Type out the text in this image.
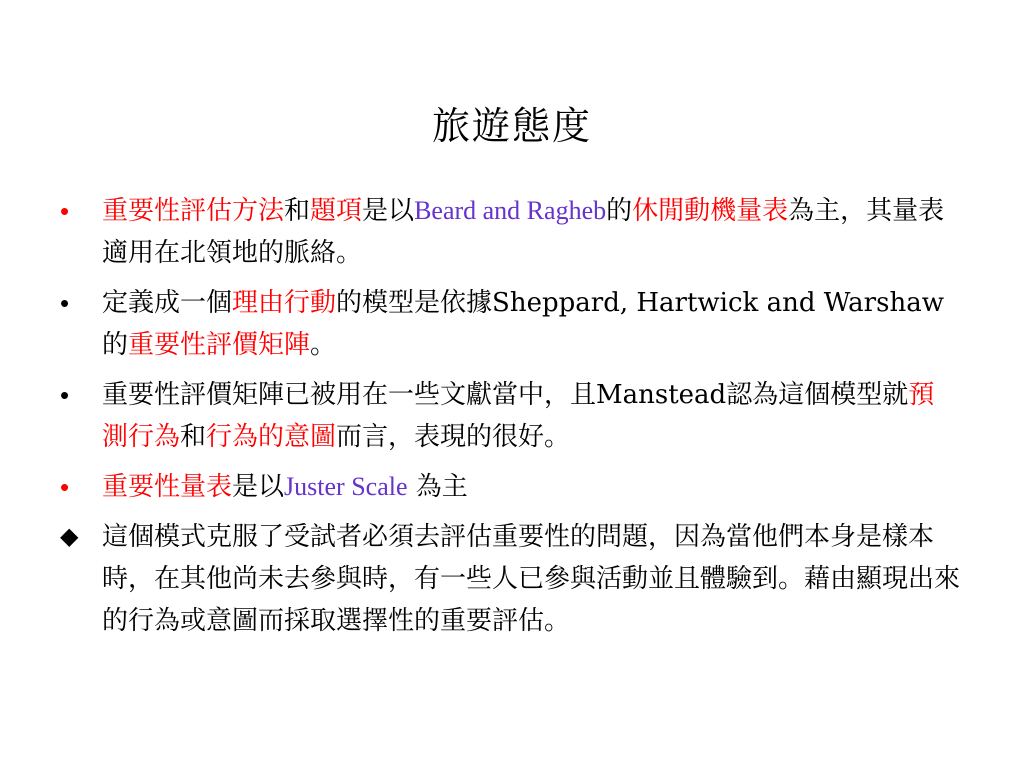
旅遊態度
•	重要性評估方法和題項是以Beard and Ragheb的休閒動機量表為主，其量表適用在北領地的脈絡。
•	定義成一個理由行動的模型是依據Sheppard, Hartwick and Warshaw 的重要性評價矩陣。
•	重要性評價矩陣已被用在一些文獻當中，且Manstead認為這個模型就預測行為和行為的意圖而言，表現的很好。
•	重要性量表是以Juster Scale 為主
◆ 這個模式克服了受試者必須去評估重要性的問題，因為當他們本身是樣本時，在其他尚未去參與時，有一些人已參與活動並且體驗到。藉由顯現出來的行為或意圖而採取選擇性的重要評估。
